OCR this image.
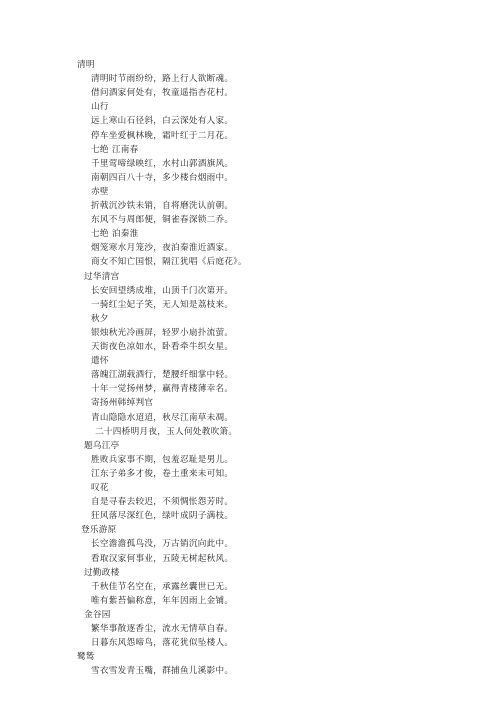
清明
清明时节雨纷纷，路上行人欲断魂。
借问酒家何处有，牧童遥指杏花村。
山行
远上寒山石径斜，白云深处有人家。
停车坐爱枫林晚，霜叶红于二月花。
七绝 江南春
千里莺啼绿映红，水村山郭酒旗风。
南朝四百八十寺，多少楼台烟雨中。
赤壁
折戟沉沙铁未销，自将磨洗认前朝。
东风不与周郎便，铜雀春深锁二乔。
七绝 泊秦淮
烟笼寒水月笼沙，夜泊秦淮近酒家。
商女不知亡国恨，隔江犹唱《后庭花》。
过华清宫
长安回望绣成堆，山顶千门次第开。
一骑红尘妃子笑，无人知是荔枝来。
秋夕
银烛秋光冷画屏，轻罗小扇扑流萤。
天街夜色凉如水，卧看牵牛织女星。
遣怀
落魄江湖载酒行，楚腰纤细掌中轻。
十年一觉扬州梦，赢得青楼薄幸名。
寄扬州韩绰判官
青山隐隐水迢迢，秋尽江南草未凋。
二十四桥明月夜，玉人何处教吹箫。
题乌江亭
胜败兵家事不期，包羞忍耻是男儿。
江东子弟多才俊，卷土重来未可知。
叹花
自是寻春去较迟，不须惆怅怨芳时。
狂风落尽深红色，绿叶成阴子满枝。
登乐游原
长空澹澹孤鸟没，万古销沉向此中。
看取汉家何事业，五陵无树起秋风。
过勤政楼
千秋佳节名空在，承露丝囊世已无。
唯有紫苔偏称意，年年因雨上金铺。
金谷园
繁华事散逐香尘，流水无情草自春。
日暮东风怨啼鸟，落花犹似坠楼人。
鹭鸶
雪衣雪发青玉嘴，群捕鱼儿溪影中。
